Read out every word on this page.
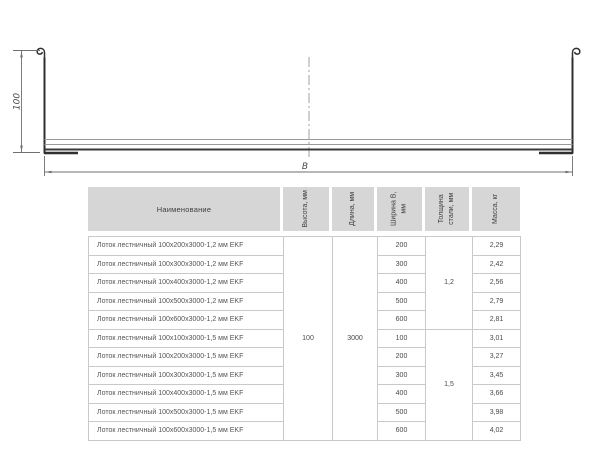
100
В
Наименование	Высота, мм	Длина, мм	Ширина В, мм	Толщина стали, мм	Масса, кг
Лоток лестничный 100х200х3000-1,2 мм EKF	100	3000	200	1,2	2,29
Лоток лестничный 100х300х3000-1,2 мм EKF			300		2,42
Лоток лестничный 100х400х3000-1,2 мм EKF			400		2,56
Лоток лестничный 100х500х3000-1,2 мм EKF			500		2,79
Лоток лестничный 100х600х3000-1,2 мм EKF			600		2,81
Лоток лестничный 100х100х3000-1,5 мм EKF			100	1,5	3,01
Лоток лестничный 100х200х3000-1,5 мм EKF			200		3,27
Лоток лестничный 100х300х3000-1,5 мм EKF			300		3,45
Лоток лестничный 100х400х3000-1,5 мм EKF			400		3,66
Лоток лестничный 100х500х3000-1,5 мм EKF			500		3,98
Лоток лестничный 100х600х3000-1,5 мм EKF			600		4,02
